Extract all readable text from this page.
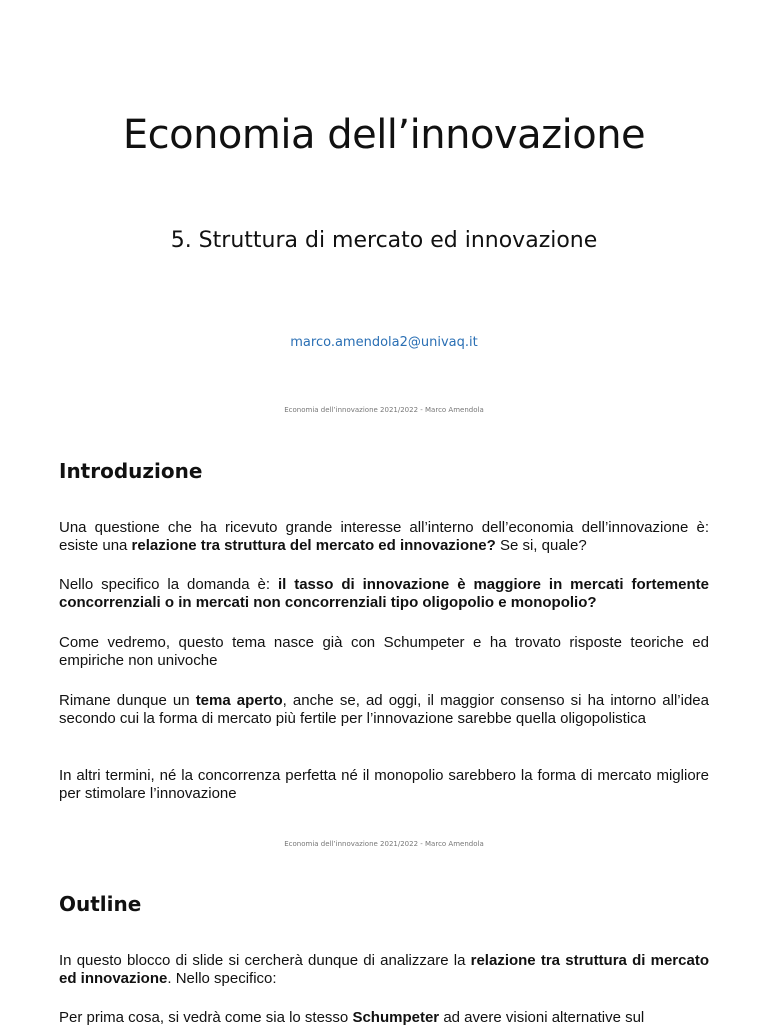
Economia dell’innovazione
5. Struttura di mercato ed innovazione
marco.amendola2@univaq.it
Economia dell’innovazione 2021/2022 - Marco Amendola
Introduzione
Una questione che ha ricevuto grande interesse all’interno dell’economia dell’innovazione è: esiste una relazione tra struttura del mercato ed innovazione? Se si, quale?
Nello specifico la domanda è: il tasso di innovazione è maggiore in mercati fortemente concorrenziali o in mercati non concorrenziali tipo oligopolio e monopolio?
Come vedremo, questo tema nasce già con Schumpeter e ha trovato risposte teoriche ed empiriche non univoche
Rimane dunque un tema aperto, anche se, ad oggi, il maggior consenso si ha intorno all’idea secondo cui la forma di mercato più fertile per l’innovazione sarebbe quella oligopolistica
In altri termini, né la concorrenza perfetta né il monopolio sarebbero la forma di mercato migliore per stimolare l’innovazione
Economia dell’innovazione 2021/2022 - Marco Amendola
Outline
In questo blocco di slide si cercherà dunque di analizzare la relazione tra struttura di mercato ed innovazione. Nello specifico:
Per prima cosa, si vedrà come sia lo stesso Schumpeter ad avere visioni alternative sul
